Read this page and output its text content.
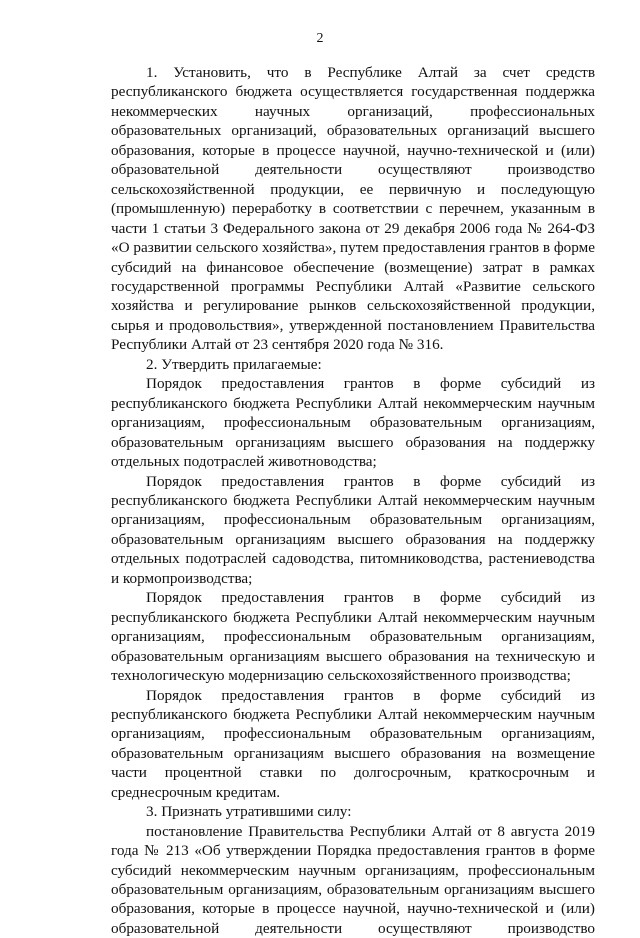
2

1. Установить, что в Республике Алтай за счет средств республиканского бюджета осуществляется государственная поддержка некоммерческих научных организаций, профессиональных образовательных организаций, образовательных организаций высшего образования, которые в процессе научной, научно-технической и (или) образовательной деятельности осуществляют производство сельскохозяйственной продукции, ее первичную и последующую (промышленную) переработку в соответствии с перечнем, указанным в части 1 статьи 3 Федерального закона от 29 декабря 2006 года № 264-ФЗ «О развитии сельского хозяйства», путем предоставления грантов в форме субсидий на финансовое обеспечение (возмещение) затрат в рамках государственной программы Республики Алтай «Развитие сельского хозяйства и регулирование рынков сельскохозяйственной продукции, сырья и продовольствия», утвержденной постановлением Правительства Республики Алтай от 23 сентября 2020 года № 316.

2. Утвердить прилагаемые:

Порядок предоставления грантов в форме субсидий из республиканского бюджета Республики Алтай некоммерческим научным организациям, профессиональным образовательным организациям, образовательным организациям высшего образования на поддержку отдельных подотраслей животноводства;

Порядок предоставления грантов в форме субсидий из республиканского бюджета Республики Алтай некоммерческим научным организациям, профессиональным образовательным организациям, образовательным организациям высшего образования на поддержку отдельных подотраслей садоводства, питомниководства, растениеводства и кормопроизводства;

Порядок предоставления грантов в форме субсидий из республиканского бюджета Республики Алтай некоммерческим научным организациям, профессиональным образовательным организациям, образовательным организациям высшего образования на техническую и технологическую модернизацию сельскохозяйственного производства;

Порядок предоставления грантов в форме субсидий из республиканского бюджета Республики Алтай некоммерческим научным организациям, профессиональным образовательным организациям, образовательным организациям высшего образования на возмещение части процентной ставки по долгосрочным, краткосрочным и среднесрочным кредитам.

3. Признать утратившими силу:

постановление Правительства Республики Алтай от 8 августа 2019 года № 213 «Об утверждении Порядка предоставления грантов в форме субсидий некоммерческим научным организациям, профессиональным образовательным организациям, образовательным организациям высшего образования, которые в процессе научной, научно-технической и (или) образовательной деятельности осуществляют производство
